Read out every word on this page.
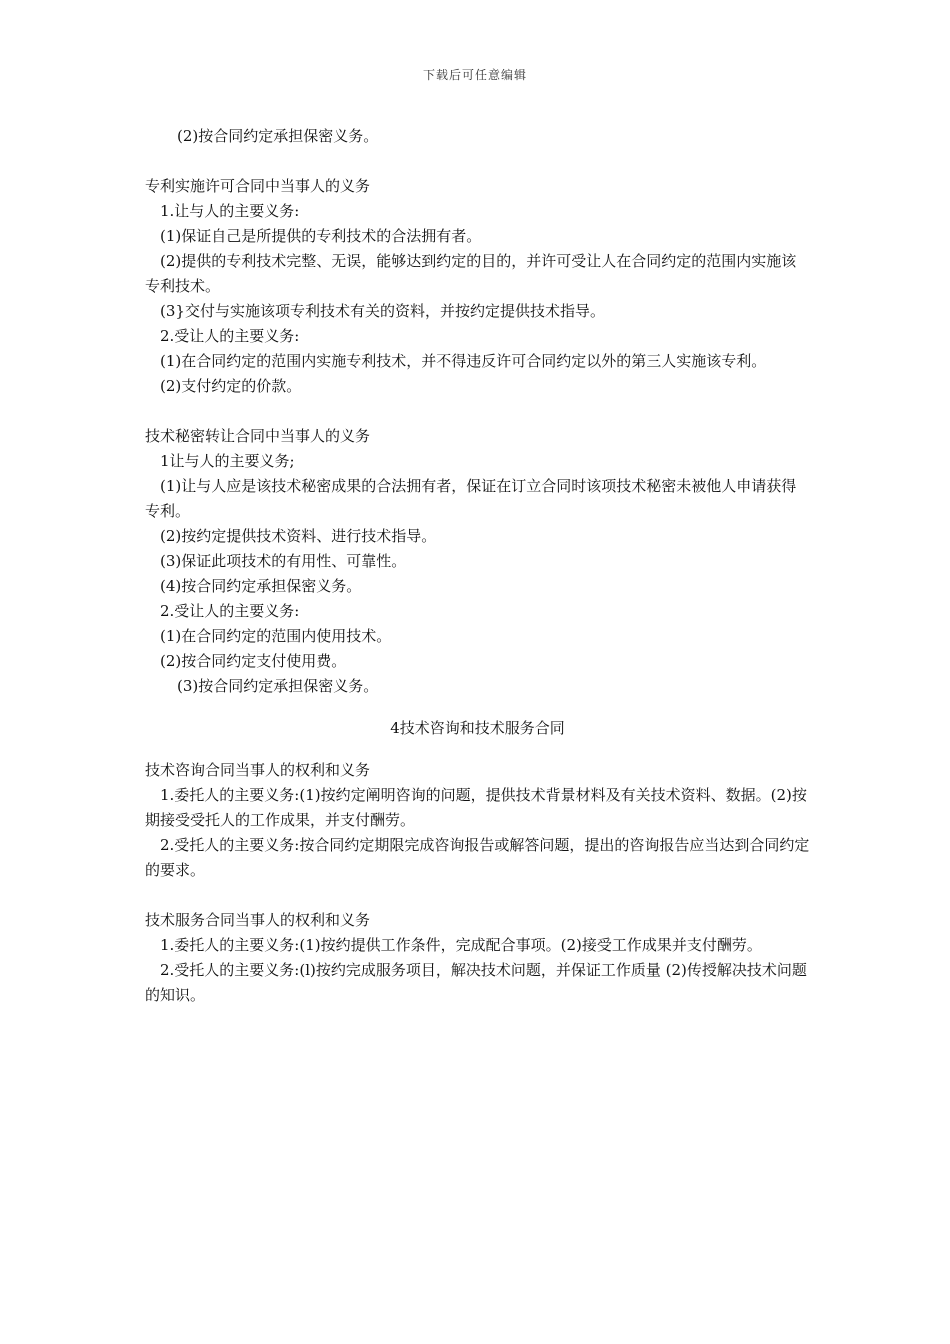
下载后可任意编辑

(2)按合同约定承担保密义务。

专利实施许可合同中当事人的义务

1.让与人的主要义务:

(1)保证自己是所提供的专利技术的合法拥有者。

(2)提供的专利技术完整、无误，能够达到约定的目的，并许可受让人在合同约定的范围内实施该专利技术。

(3}交付与实施该项专利技术有关的资料，并按约定提供技术指导。

2.受让人的主要义务:

(1)在合同约定的范围内实施专利技术，并不得违反许可合同约定以外的第三人实施该专利。

(2)支付约定的价款。

技术秘密转让合同中当事人的义务

1让与人的主要义务;

(1)让与人应是该技术秘密成果的合法拥有者，保证在订立合同时该项技术秘密未被他人申请获得专利。

(2)按约定提供技术资料、进行技术指导。

(3)保证此项技术的有用性、可靠性。

(4)按合同约定承担保密义务。

2.受让人的主要义务:

(1)在合同约定的范围内使用技术。

(2)按合同约定支付使用费。

(3)按合同约定承担保密义务。

4技术咨询和技术服务合同

技术咨询合同当事人的权利和义务

1.委托人的主要义务:(1)按约定阐明咨询的问题，提供技术背景材料及有关技术资料、数据。(2)按期接受受托人的工作成果，并支付酬劳。

2.受托人的主要义务:按合同约定期限完成咨询报告或解答问题，提出的咨询报告应当达到合同约定的要求。

技术服务合同当事人的权利和义务

1.委托人的主要义务:(1)按约提供工作条件，完成配合事项。(2)接受工作成果并支付酬劳。

2.受托人的主要义务:(l)按约完成服务项目，解决技术问题，并保证工作质量 (2)传授解决技术问题的知识。
